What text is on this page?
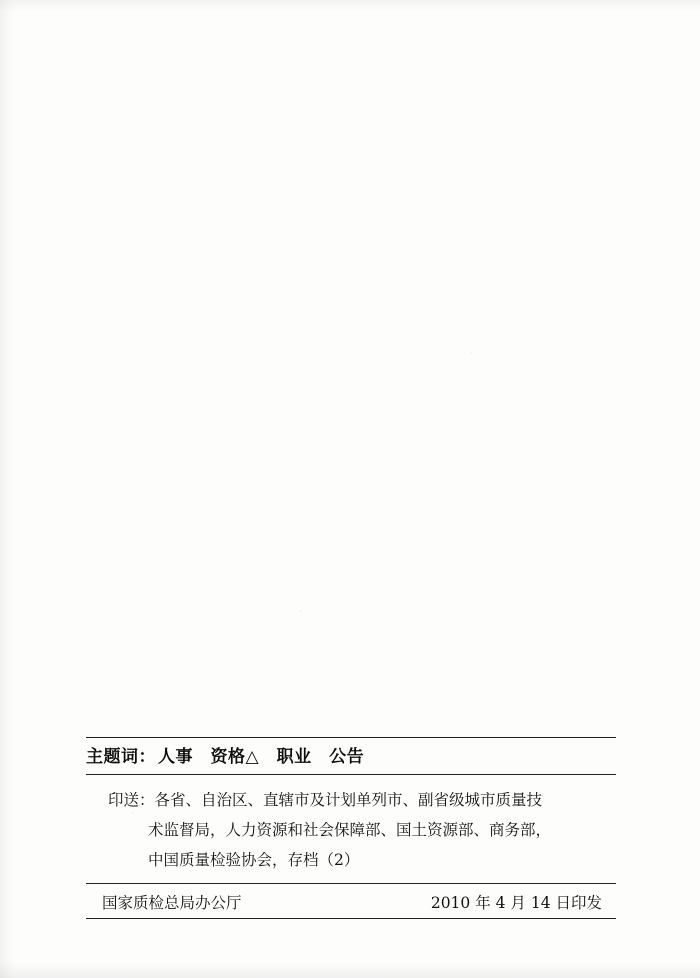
主题词： 人事　资格△　职业　公告
印送：各省、自治区、直辖市及计划单列市、副省级城市质量技
术监督局，人力资源和社会保障部、国土资源部、商务部，
中国质量检验协会，存档（2）
国家质检总局办公厅	2010 年 4 月 14 日印发
